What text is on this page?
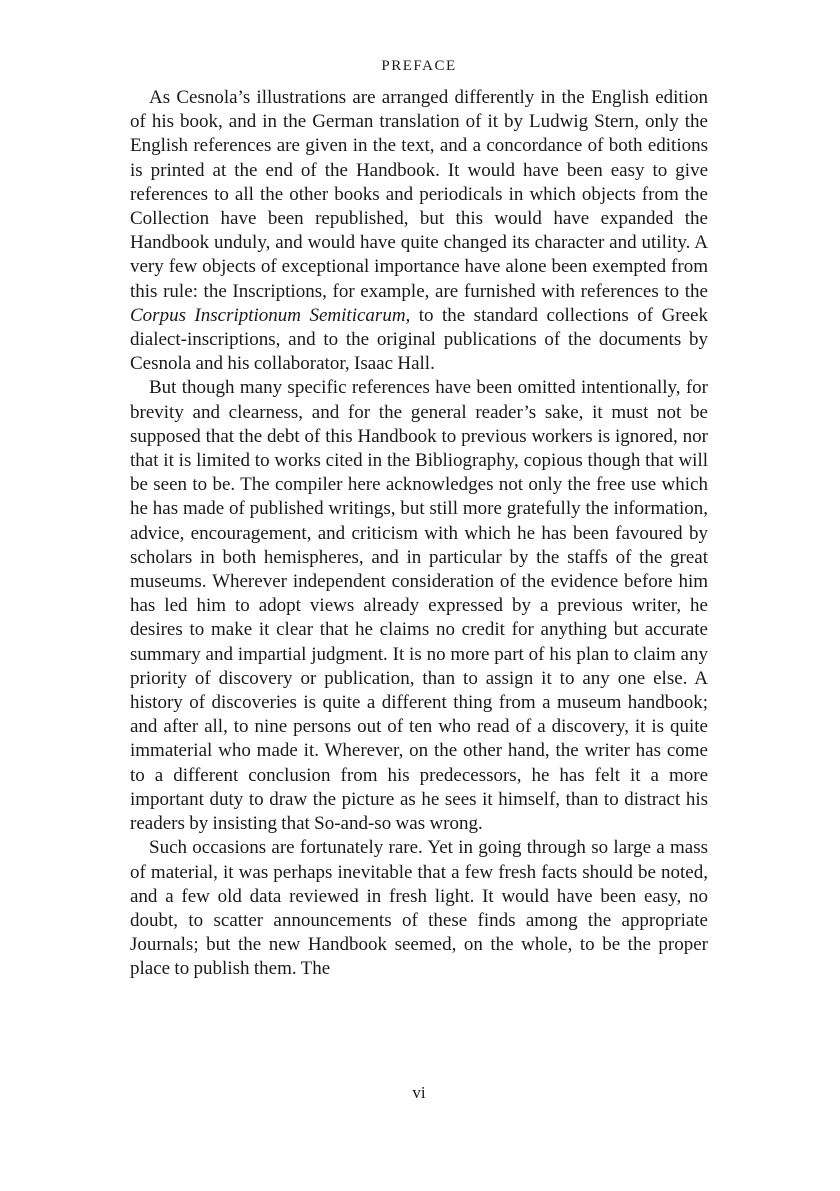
PREFACE

As Cesnola’s illustrations are arranged differently in the English edition of his book, and in the German translation of it by Ludwig Stern, only the English references are given in the text, and a concordance of both editions is printed at the end of the Handbook. It would have been easy to give references to all the other books and periodicals in which objects from the Collection have been republished, but this would have expanded the Handbook unduly, and would have quite changed its character and utility. A very few objects of exceptional importance have alone been exempted from this rule: the Inscriptions, for example, are furnished with references to the Corpus Inscriptionum Semiticarum, to the standard collections of Greek dialect-inscriptions, and to the original publications of the documents by Cesnola and his collaborator, Isaac Hall.

But though many specific references have been omitted intentionally, for brevity and clearness, and for the general reader’s sake, it must not be supposed that the debt of this Handbook to previous workers is ignored, nor that it is limited to works cited in the Bibliography, copious though that will be seen to be. The compiler here acknowledges not only the free use which he has made of published writings, but still more gratefully the information, advice, encouragement, and criticism with which he has been favoured by scholars in both hemispheres, and in particular by the staffs of the great museums. Wherever independent consideration of the evidence before him has led him to adopt views already expressed by a previous writer, he desires to make it clear that he claims no credit for anything but accurate summary and impartial judgment. It is no more part of his plan to claim any priority of discovery or publication, than to assign it to any one else. A history of discoveries is quite a different thing from a museum handbook; and after all, to nine persons out of ten who read of a discovery, it is quite immaterial who made it. Wherever, on the other hand, the writer has come to a different conclusion from his predecessors, he has felt it a more important duty to draw the picture as he sees it himself, than to distract his readers by insisting that So-and-so was wrong.

Such occasions are fortunately rare. Yet in going through so large a mass of material, it was perhaps inevitable that a few fresh facts should be noted, and a few old data reviewed in fresh light. It would have been easy, no doubt, to scatter announcements of these finds among the appropriate Journals; but the new Handbook seemed, on the whole, to be the proper place to publish them. The

vi
